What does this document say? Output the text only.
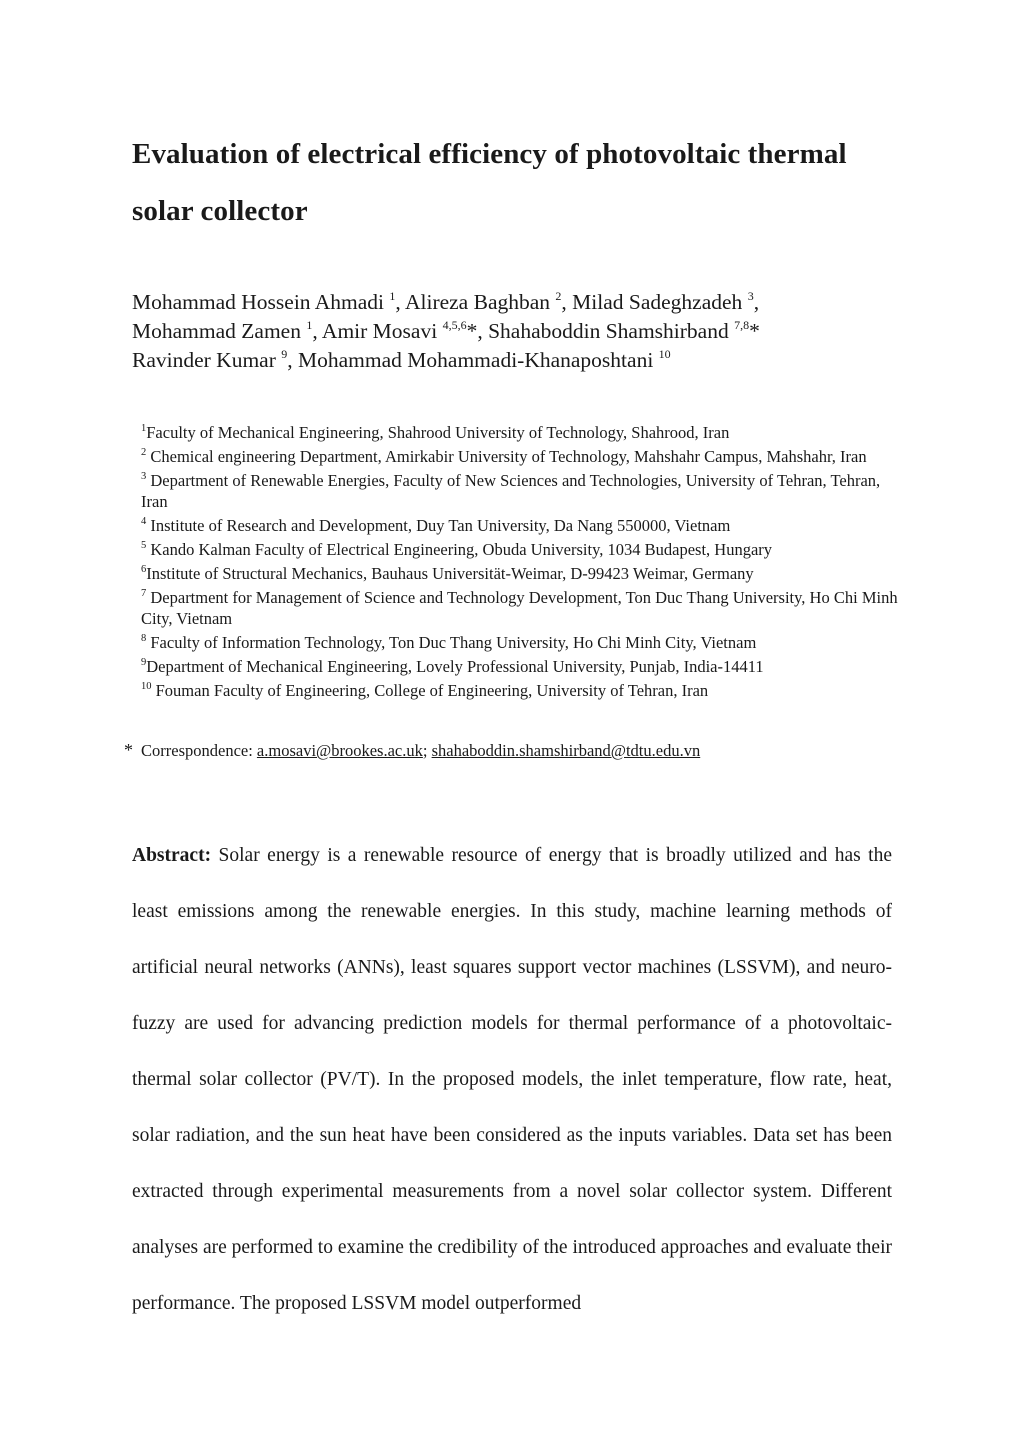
Evaluation of electrical efficiency of photovoltaic thermal
solar collector
Mohammad Hossein Ahmadi $^1$, Alireza Baghban $^2$, Milad Sadeghzadeh $^3$,
Mohammad Zamen $^1$, Amir Mosavi $^{4,5,6}$*, Shahaboddin Shamshirband $^{7,8}$*
Ravinder Kumar $^9$, Mohammad Mohammadi-Khanaposhtani $^{10}$

$^1$Faculty of Mechanical Engineering, Shahrood University of Technology, Shahrood, Iran

$^2$ Chemical engineering Department, Amirkabir University of Technology, Mahshahr Campus, Mahshahr, Iran

$^3$ Department of Renewable Energies, Faculty of New Sciences and Technologies, University of Tehran, Tehran, Iran

$^4$ Institute of Research and Development, Duy Tan University, Da Nang 550000, Vietnam

$^5$ Kando Kalman Faculty of Electrical Engineering, Obuda University, 1034 Budapest, Hungary

$^6$Institute of Structural Mechanics, Bauhaus Universität-Weimar, D-99423 Weimar, Germany

$^7$ Department for Management of Science and Technology Development, Ton Duc Thang University, Ho Chi Minh City, Vietnam

$^8$ Faculty of Information Technology, Ton Duc Thang University, Ho Chi Minh City, Vietnam

$^9$Department of Mechanical Engineering, Lovely Professional University, Punjab, India-14411

$^{10}$ Fouman Faculty of Engineering, College of Engineering, University of Tehran, Iran

* Correspondence: a.mosavi@brookes.ac.uk; shahaboddin.shamshirband@tdtu.edu.vn

Abstract: Solar energy is a renewable resource of energy that is broadly utilized and has the least emissions among the renewable energies. In this study, machine learning methods of artificial neural networks (ANNs), least squares support vector machines (LSSVM), and neuro-fuzzy are used for advancing prediction models for thermal performance of a photovoltaic-thermal solar collector (PV/T). In the proposed models, the inlet temperature, flow rate, heat, solar radiation, and the sun heat have been considered as the inputs variables. Data set has been extracted through experimental measurements from a novel solar collector system. Different analyses are performed to examine the credibility of the introduced approaches and evaluate their performance. The proposed LSSVM model outperformed
